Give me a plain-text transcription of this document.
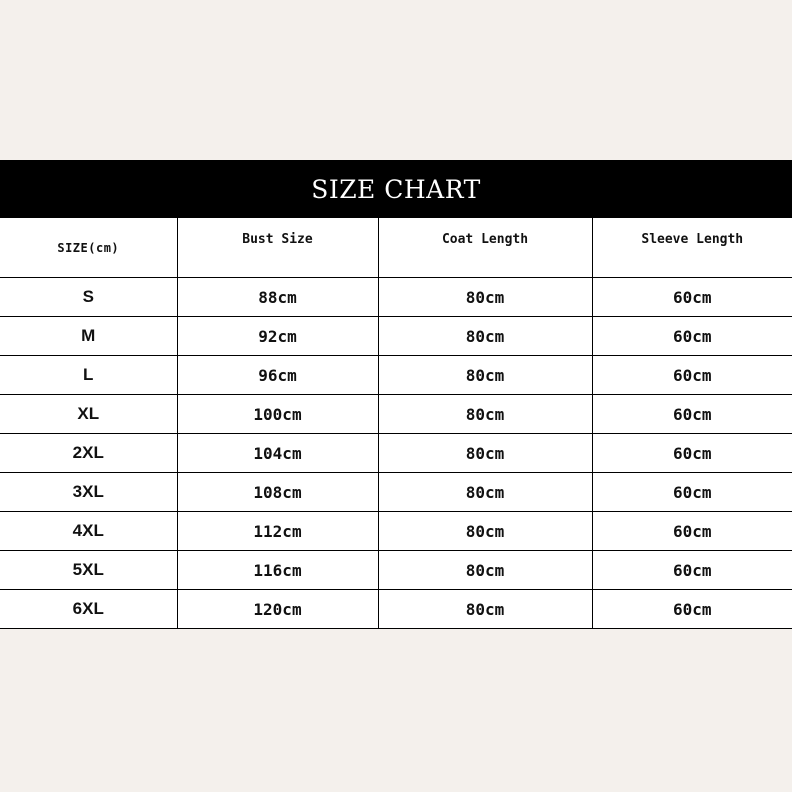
SIZE CHART
SIZE(cm)	Bust Size	Coat Length	Sleeve Length

S	88cm	80cm	60cm
M	92cm	80cm	60cm
L	96cm	80cm	60cm
XL	100cm	80cm	60cm
2XL	104cm	80cm	60cm
3XL	108cm	80cm	60cm
4XL	112cm	80cm	60cm
5XL	116cm	80cm	60cm
6XL	120cm	80cm	60cm
